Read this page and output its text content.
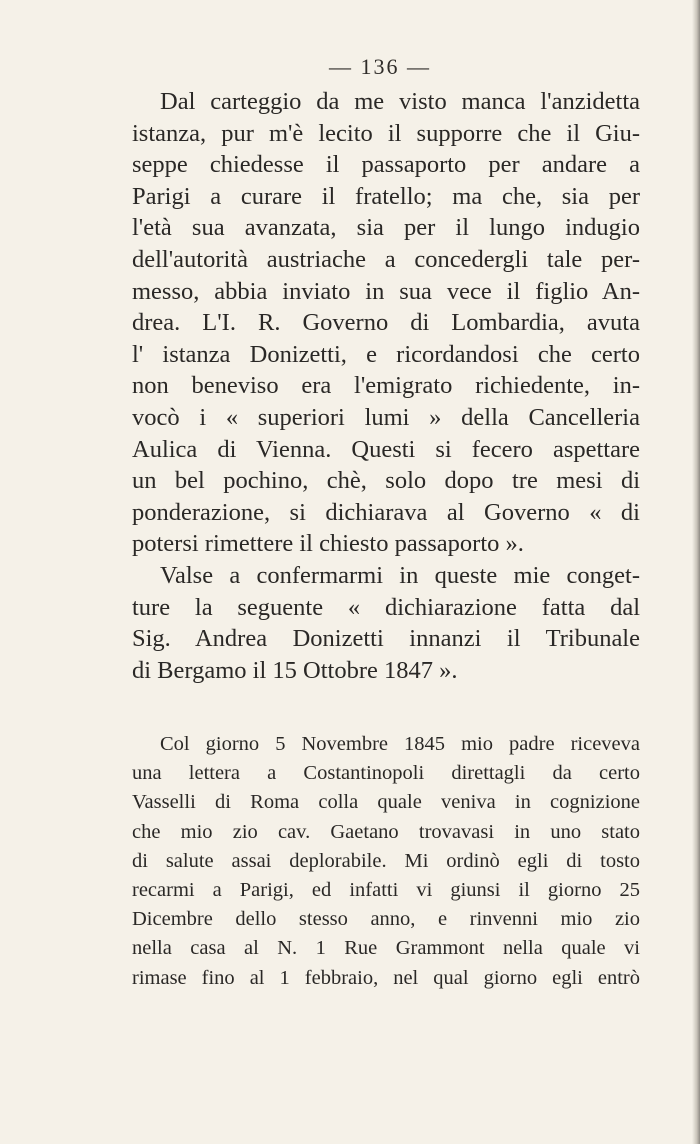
— 136 —
Dal carteggio da me visto manca l'anzidetta
istanza, pur m'è lecito il supporre che il Giu-
seppe chiedesse il passaporto per andare a
Parigi a curare il fratello; ma che, sia per
l'età sua avanzata, sia per il lungo indugio
dell'autorità austriache a concedergli tale per-
messo, abbia inviato in sua vece il figlio An-
drea. L'I. R. Governo di Lombardia, avuta
l' istanza Donizetti, e ricordandosi che certo
non beneviso era l'emigrato richiedente, in-
vocò i « superiori lumi » della Cancelleria
Aulica di Vienna. Questi si fecero aspettare
un bel pochino, chè, solo dopo tre mesi di
ponderazione, si dichiarava al Governo « di
potersi rimettere il chiesto passaporto ».
Valse a confermarmi in queste mie conget-
ture la seguente « dichiarazione fatta dal
Sig. Andrea Donizetti innanzi il Tribunale
di Bergamo il 15 Ottobre 1847 ».
Col giorno 5 Novembre 1845 mio padre riceveva
una lettera a Costantinopoli direttagli da certo
Vasselli di Roma colla quale veniva in cognizione
che mio zio cav. Gaetano trovavasi in uno stato
di salute assai deplorabile. Mi ordinò egli di tosto
recarmi a Parigi, ed infatti vi giunsi il giorno 25
Dicembre dello stesso anno, e rinvenni mio zio
nella casa al N. 1 Rue Grammont nella quale vi
rimase fino al 1 febbraio, nel qual giorno egli entrò
